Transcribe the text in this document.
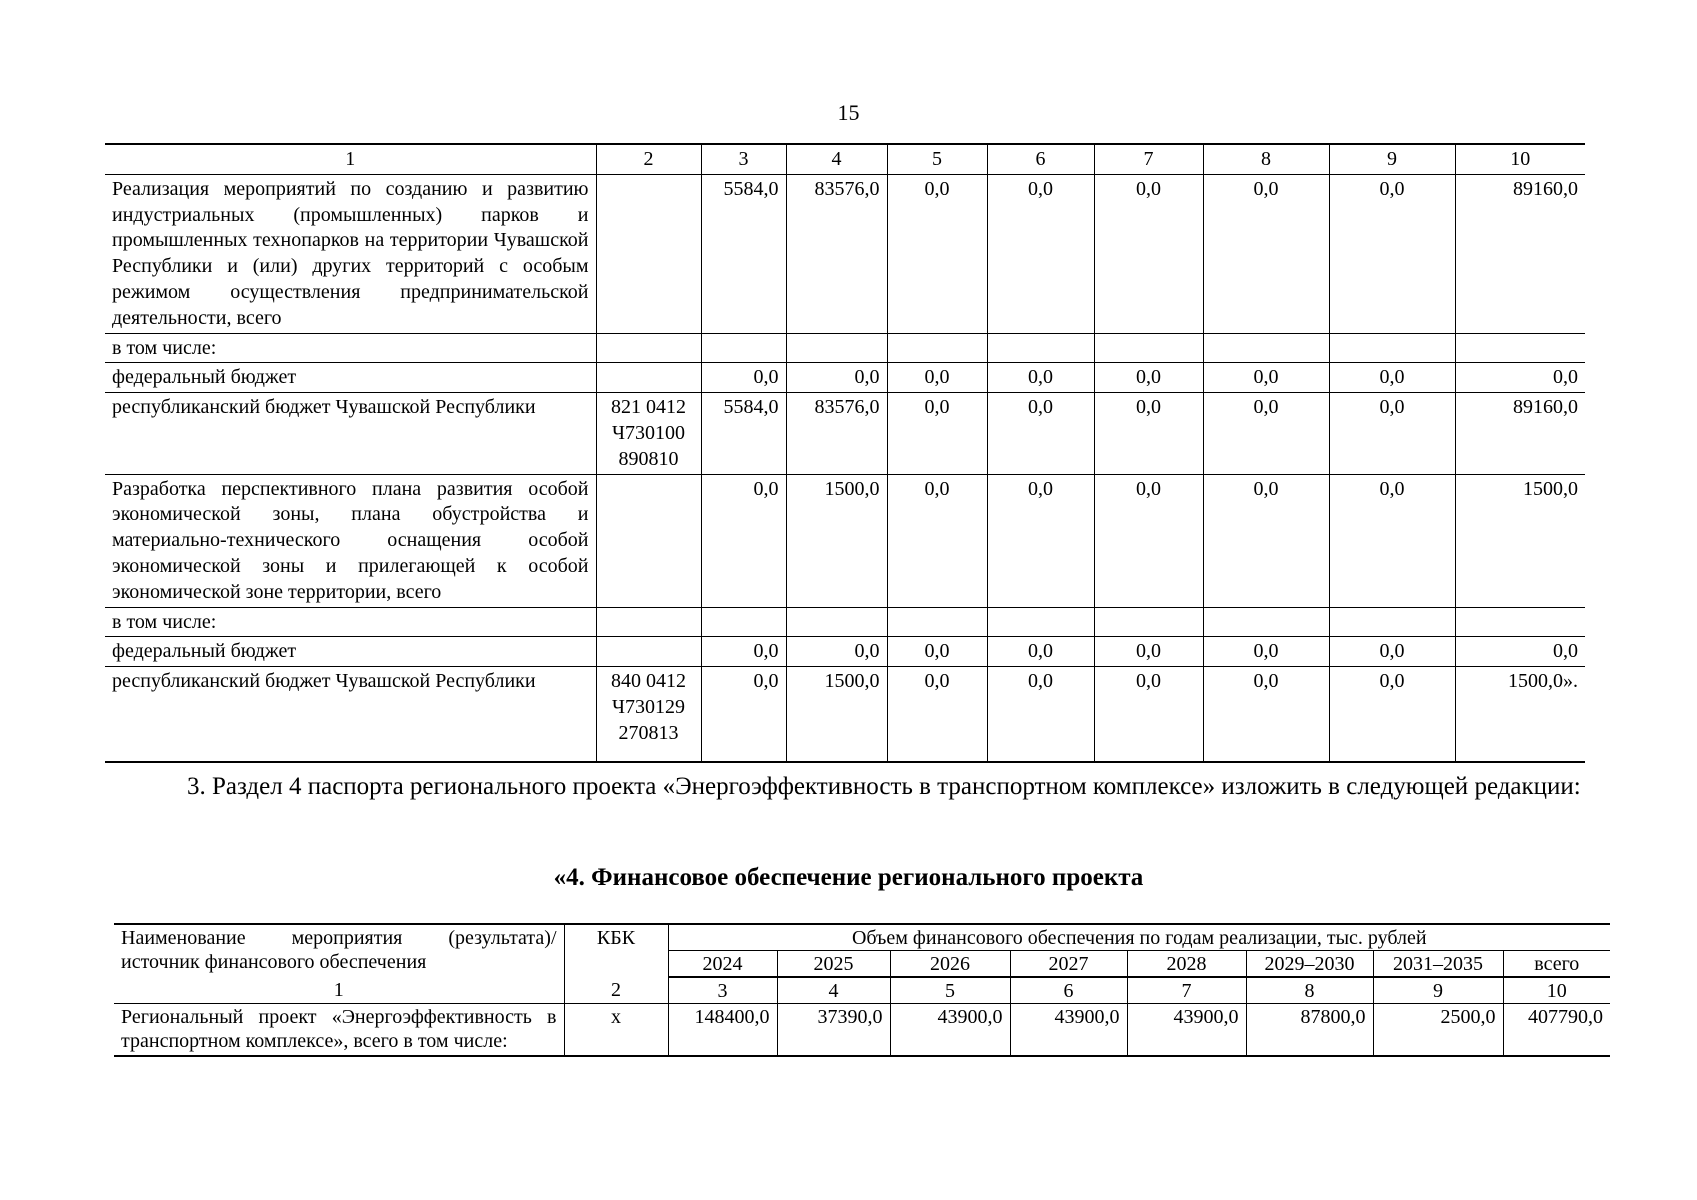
15
1	2	3	4	5	6	7	8	9	10
Реализация мероприятий по созданию и развитию индустриальных (промышленных) парков и промышленных технопарков на территории Чувашской Республики и (или) других территорий с особым режимом осуществления предпринимательской деятельности, всего		5584,0	83576,0	0,0	0,0	0,0	0,0	0,0	89160,0
в том числе:									
федеральный бюджет		0,0	0,0	0,0	0,0	0,0	0,0	0,0	0,0
республиканский бюджет Чувашской Республики	821 0412 Ч730100 890810	5584,0	83576,0	0,0	0,0	0,0	0,0	0,0	89160,0
Разработка перспективного плана развития особой экономической зоны, плана обустройства и материально-технического оснащения особой экономической зоны и прилегающей к особой экономической зоне территории, всего		0,0	1500,0	0,0	0,0	0,0	0,0	0,0	1500,0
в том числе:									
федеральный бюджет		0,0	0,0	0,0	0,0	0,0	0,0	0,0	0,0
республиканский бюджет Чувашской Республики	840 0412 Ч730129 270813	0,0	1500,0	0,0	0,0	0,0	0,0	0,0	1500,0».
3. Раздел 4 паспорта регионального проекта «Энергоэффективность в транспортном комплексе» изложить в следующей редакции:
«4. Финансовое обеспечение регионального проекта
Наименование мероприятия (результата)/ источник финансового обеспечения	КБК	Объем финансового обеспечения по годам реализации, тыс. рублей							
		2024	2025	2026	2027	2028	2029–2030	2031–2035	всего
1	2	3	4	5	6	7	8	9	10
Региональный проект «Энергоэффективность в транспортном комплексе», всего в том числе:	х	148400,0	37390,0	43900,0	43900,0	43900,0	87800,0	2500,0	407790,0
